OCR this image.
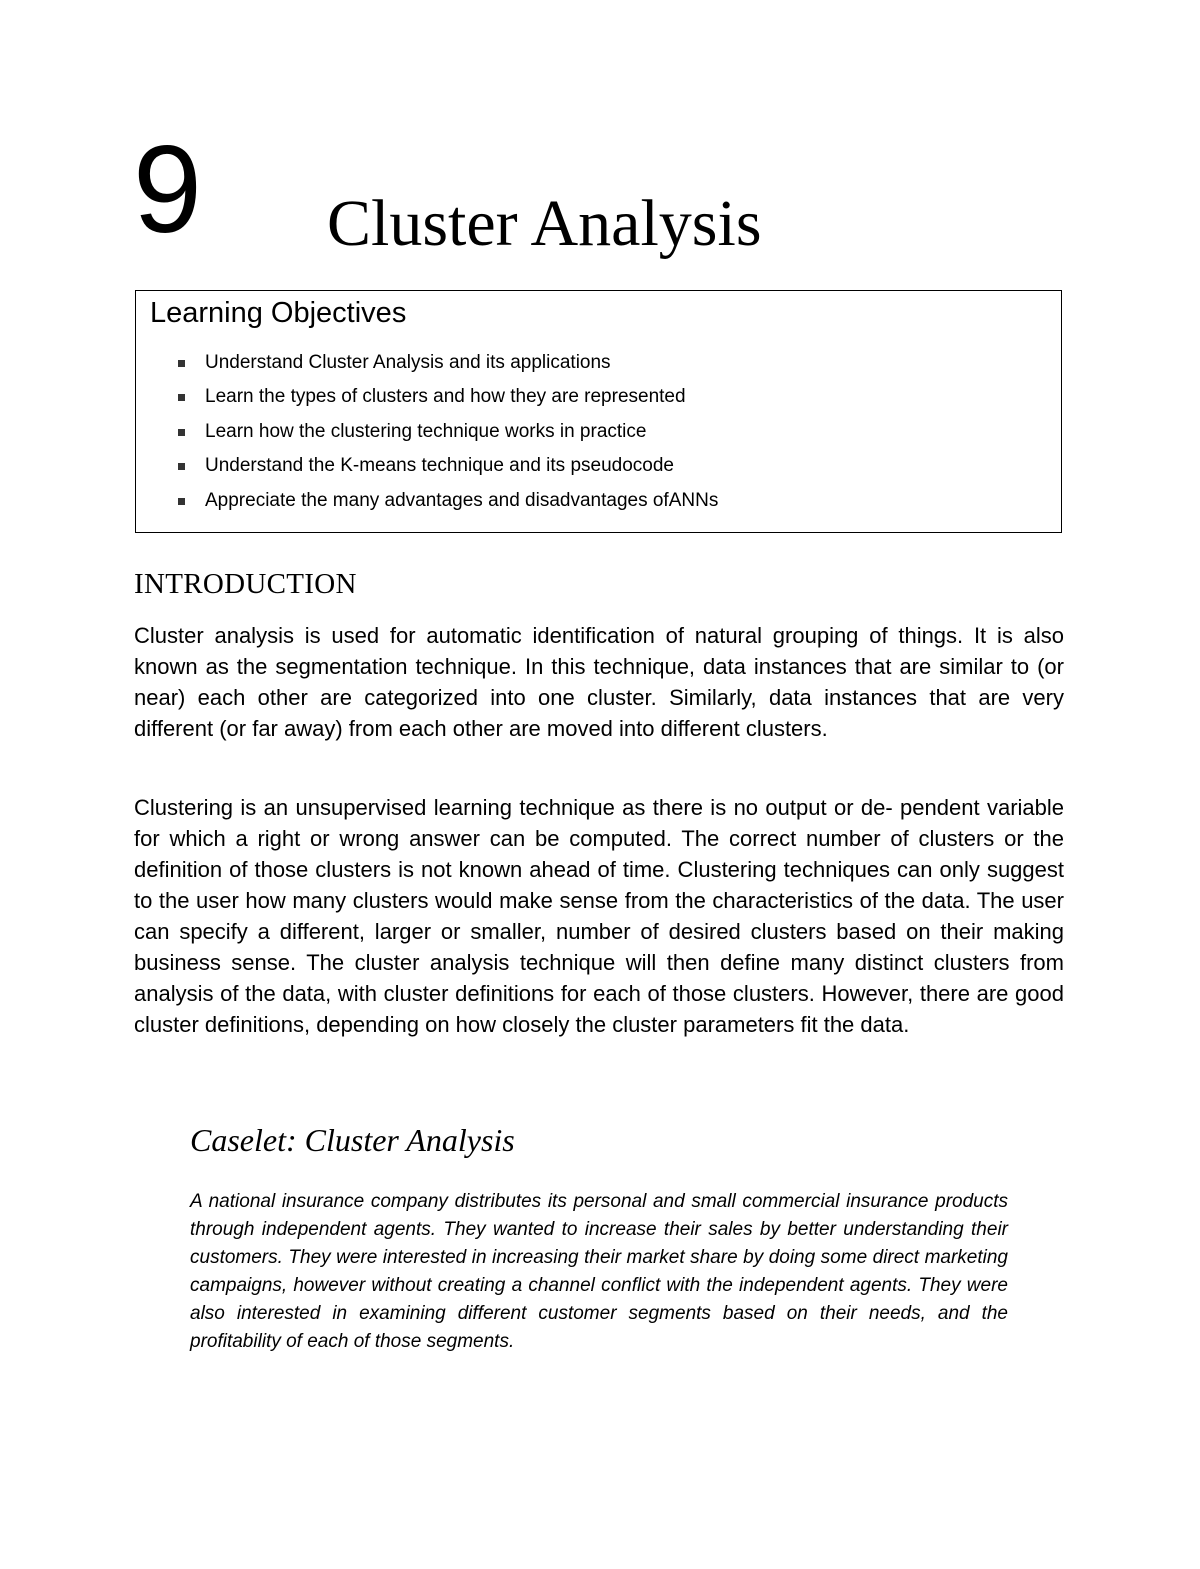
9 Cluster Analysis
Learning Objectives
Understand Cluster Analysis and its applications
Learn the types of clusters and how they are represented
Learn how the clustering technique works in practice
Understand the K-means technique and its pseudocode
Appreciate the many advantages and disadvantages ofANNs
INTRODUCTION

Cluster analysis is used for automatic identification of natural grouping of things. It is also known as the segmentation technique. In this technique, data instances that are similar to (or near) each other are categorized into one cluster. Similarly, data instances that are very different (or far away) from each other are moved into different clusters.

Clustering is an unsupervised learning technique as there is no output or de- pendent variable for which a right or wrong answer can be computed. The correct number of clusters or the definition of those clusters is not known ahead of time. Clustering techniques can only suggest to the user how many clusters would make sense from the characteristics of the data. The user can specify a different, larger or smaller, number of desired clusters based on their making business sense. The cluster analysis technique will then define many distinct clusters from analysis of the data, with cluster definitions for each of those clusters. However, there are good cluster definitions, depending on how closely the cluster parameters fit the data.

Caselet: Cluster Analysis

A national insurance company distributes its personal and small commercial insurance products through independent agents. They wanted to increase their sales by better understanding their customers. They were interested in increasing their market share by doing some direct marketing campaigns, however without creating a channel conflict with the independent agents. They were also interested in examining different customer segments based on their needs, and the profitability of each of those segments.
